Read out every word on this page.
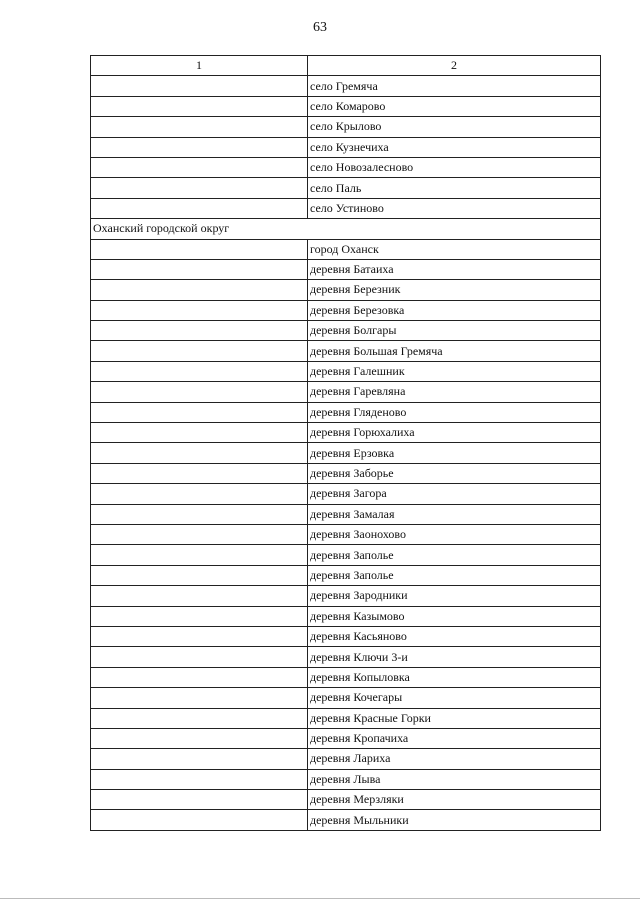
63
1	2
	село Гремяча
	село Комарово
	село Крылово
	село Кузнечиха
	село Новозалесново
	село Паль
	село Устиново
Оханский городской округ	
	город Оханск
	деревня Батаиха
	деревня Березник
	деревня Березовка
	деревня Болгары
	деревня Большая Гремяча
	деревня Галешник
	деревня Гаревляна
	деревня Гляденово
	деревня Горюхалиха
	деревня Ерзовка
	деревня Заборье
	деревня Загора
	деревня Замалая
	деревня Заонохово
	деревня Заполье
	деревня Заполье
	деревня Зародники
	деревня Казымово
	деревня Касьяново
	деревня Ключи 3-и
	деревня Копыловка
	деревня Кочегары
	деревня Красные Горки
	деревня Кропачиха
	деревня Лариха
	деревня Лыва
	деревня Мерзляки
	деревня Мыльники
